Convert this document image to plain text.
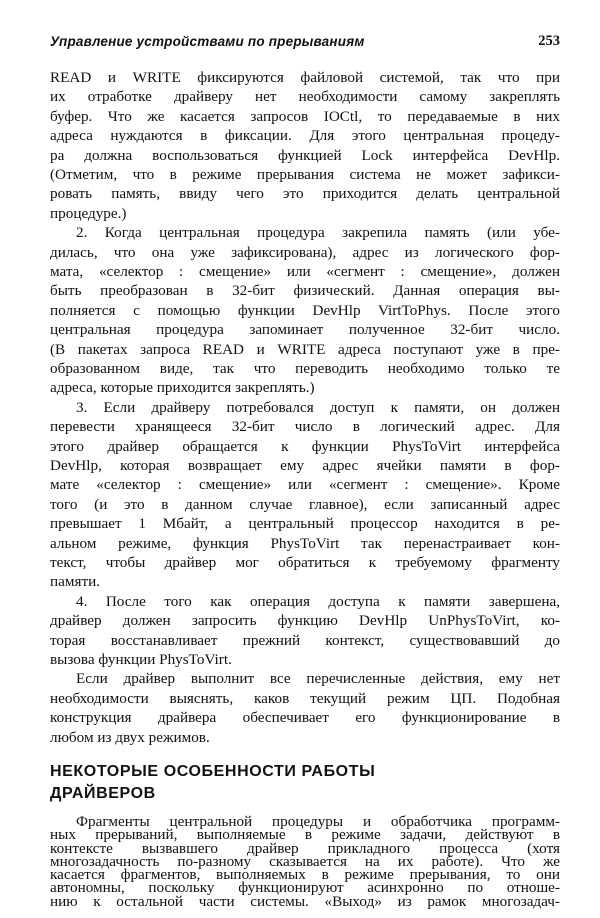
Управление устройствами по прерываниям	253
READ и WRITE фиксируются файловой системой, так что при
их отработке драйверу нет необходимости самому закреплять
буфер. Что же касается запросов IOCtl, то передаваемые в них
адреса нуждаются в фиксации. Для этого центральная процеду-
ра должна воспользоваться функцией Lock интерфейса DevHlp.
(Отметим, что в режиме прерывания система не может зафикси-
ровать память, ввиду чего это приходится делать центральной
процедуре.)
2. Когда центральная процедура закрепила память (или убе-
дилась, что она уже зафиксирована), адрес из логического фор-
мата, «селектор : смещение» или «сегмент : смещение», должен
быть преобразован в 32-бит физический. Данная операция вы-
полняется с помощью функции DevHlp VirtToPhys. После этого
центральная процедура запоминает полученное 32-бит число.
(В пакетах запроса READ и WRITE адреса поступают уже в пре-
образованном виде, так что переводить необходимо только те
адреса, которые приходится закреплять.)
3. Если драйверу потребовался доступ к памяти, он должен
перевести хранящееся 32-бит число в логический адрес. Для
этого драйвер обращается к функции PhysToVirt интерфейса
DevHlp, которая возвращает ему адрес ячейки памяти в фор-
мате «селектор : смещение» или «сегмент : смещение». Кроме
того (и это в данном случае главное), если записанный адрес
превышает 1 Мбайт, а центральный процессор находится в ре-
альном режиме, функция PhysToVirt так перенастраивает кон-
текст, чтобы драйвер мог обратиться к требуемому фрагменту
памяти.
4. После того как операция доступа к памяти завершена,
драйвер должен запросить функцию DevHlp UnPhysToVirt, ко-
торая восстанавливает прежний контекст, существовавший до
вызова функции PhysToVirt.
Если драйвер выполнит все перечисленные действия, ему нет
необходимости выяснять, каков текущий режим ЦП. Подобная
конструкция драйвера обеспечивает его функционирование в
любом из двух режимов.
НЕКОТОРЫЕ ОСОБЕННОСТИ РАБОТЫ
ДРАЙВЕРОВ
Фрагменты центральной процедуры и обработчика программ-
ных прерываний, выполняемые в режиме задачи, действуют в
контексте вызвавшего драйвер прикладного процесса (хотя
многозадачность по-разному сказывается на их работе). Что же
касается фрагментов, выполняемых в режиме прерывания, то они
автономны, поскольку функционируют асинхронно по отноше-
нию к остальной части системы. «Выход» из рамок многозадач-
